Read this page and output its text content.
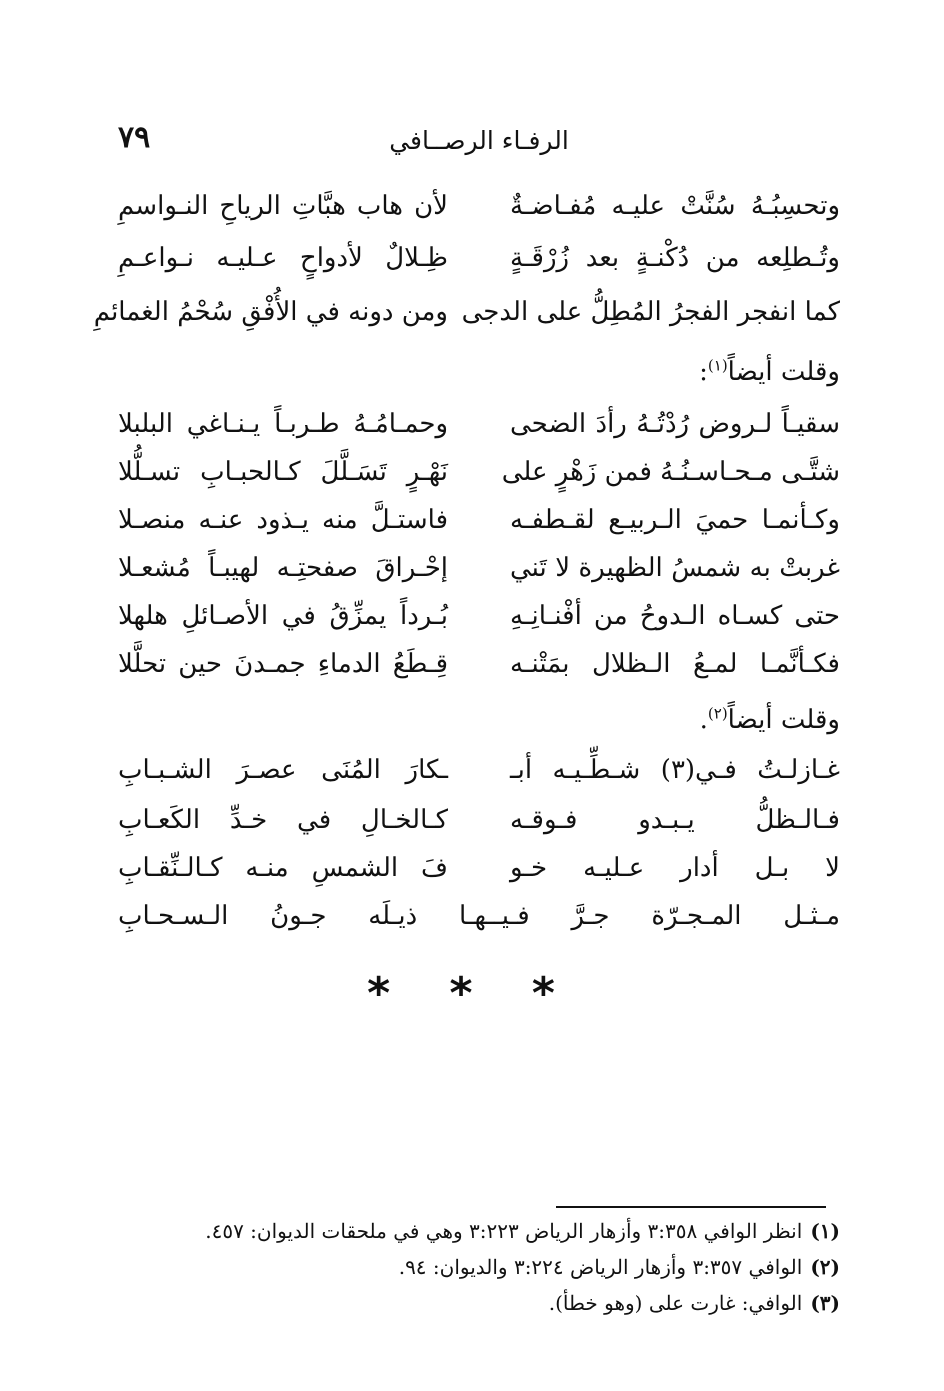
٧٩	الرفـاء الرصــافي
وتحسِبُـهُ سُنَّتْ عليـه مُفـاضـةٌ
لأن هاب هبَّاتِ الرياحِ النـواسمِ
وتُـطلِعه من دُكْنـةٍ بعد زُرْقَـةٍ
ظِـلالٌ لأدواحٍ عـليـه نـواعـمِ
كما انفجر الفجرُ المُطِلُّ على الدجى
ومن دونه في الأُفْقِ سُحْمُ الغمائمِ
وقلت أيضاً$^{(١)}$:
سقيـاً لـروض رُدْتُـهُ رأدَ الضحى
وحمـامُـهُ طـربـاً يـنـاغي البلبلا
شتَّـى مـحـاسـنُـهُ فمن زَهْرٍ على
نَهْـرٍ تَسَـلَّلَ كـالحبـابِ تسـلُّلا
وكـأنمـا حميَ الـربيـع لقـطفـه
فاستـلَّ منه يـذود عنـه منصـلا
غربتْ به شمسُ الظهيرة لا تَني
إحْـراقَ صفحتِـه لهيبـاً مُشعـلا
حتى كسـاه الـدوحُ من أفْنـانِـهِ
بُـرداً يمزِّقُ في الأصـائلِ هلهلا
فكـأنَّمـا لمـعُ الـظلال بمَتْنـه
قِـطَعُ الدماءِ جمـدنَ حين تحلَّلا
وقلت أيضاً$^{(٢)}$.
غـازلـتُ فـي(٣) شـطِّـيـه أبـ
ـكارَ المُنَى عصـرَ الشـبـابِ
فـالـظلُّ يـبـدو فـوقـه
كـالخـالِ في خـدِّ الكَعـابِ
لا بـل أدار عـليـه خـو
فَ الشمسِ منـه كـالـنِّقـابِ
مـثـل المـجـرّة جـرَّ فـيــهـا ذيـلَه جـونُ الـسـحـابِ
* * *
(١)انظر الوافي ٣:٣٥٨ وأزهار الرياض ٣:٢٢٣ وهي في ملحقات الديوان: ٤٥٧.
(٢)الوافي ٣:٣٥٧ وأزهار الرياض ٣:٢٢٤ والديوان: ٩٤.
(٣)الوافي: غارت على (وهو خطأ).
